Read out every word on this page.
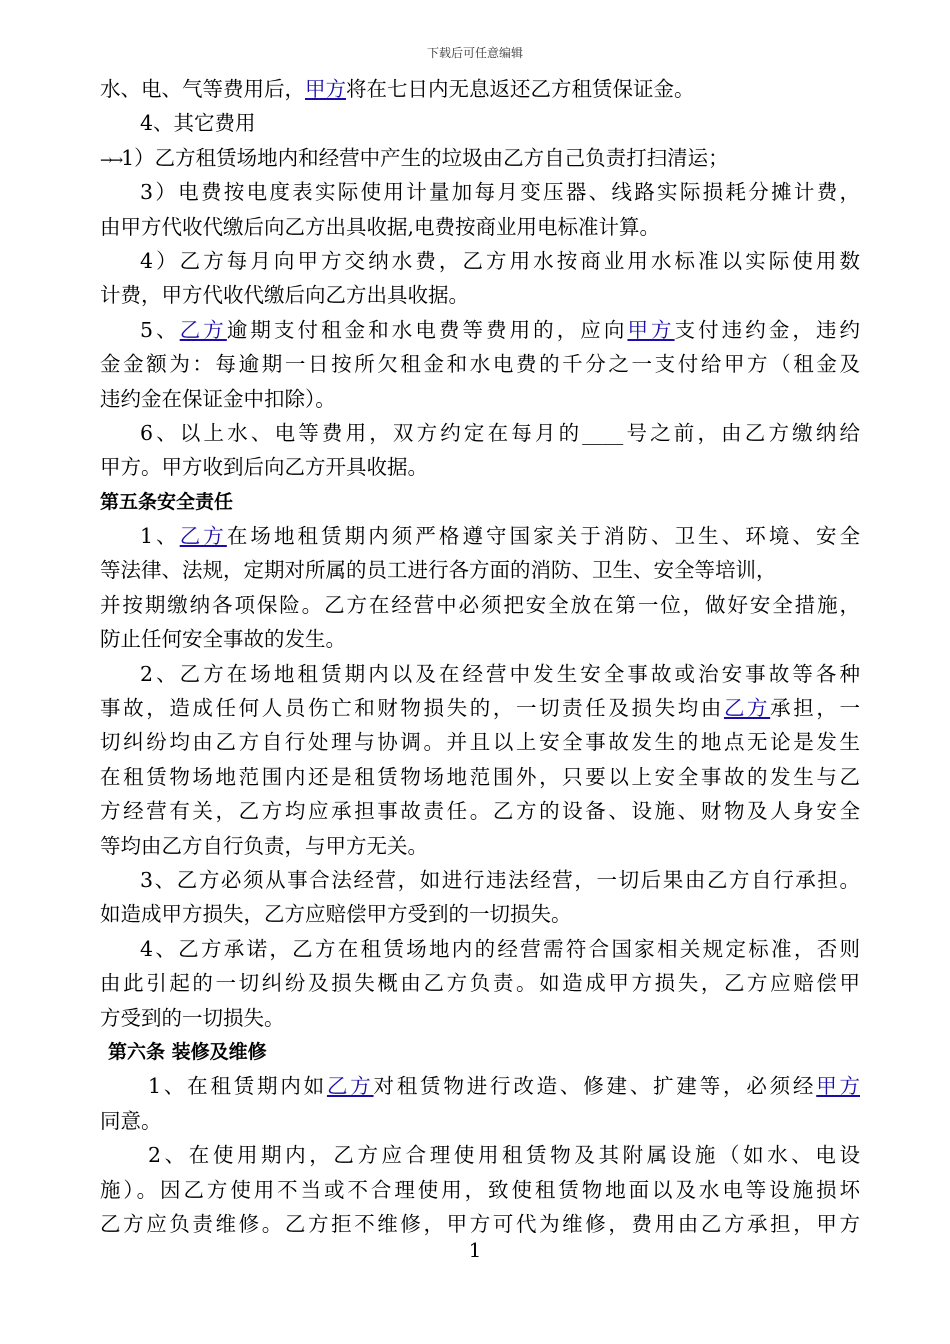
下载后可任意编辑
水、电、气等费用后，甲方将在七日内无息返还乙方租赁保证金。
4、其它费用
→→1）乙方租赁场地内和经营中产生的垃圾由乙方自己负责打扫清运；
3）电费按电度表实际使用计量加每月变压器、线路实际损耗分摊计费，
由甲方代收代缴后向乙方出具收据,电费按商业用电标准计算。
4）乙方每月向甲方交纳水费，乙方用水按商业用水标准以实际使用数
计费，甲方代收代缴后向乙方出具收据。
5、乙方逾期支付租金和水电费等费用的，应向甲方支付违约金，违约
金金额为：每逾期一日按所欠租金和水电费的千分之一支付给甲方（租金及
违约金在保证金中扣除）。
6、以上水、电等费用，双方约定在每月的____号之前，由乙方缴纳给
甲方。甲方收到后向乙方开具收据。
第五条安全责任
1、乙方在场地租赁期内须严格遵守国家关于消防、卫生、环境、安全
等法律、法规，定期对所属的员工进行各方面的消防、卫生、安全等培训，
并按期缴纳各项保险。乙方在经营中必须把安全放在第一位，做好安全措施，
防止任何安全事故的发生。
2、乙方在场地租赁期内以及在经营中发生安全事故或治安事故等各种
事故，造成任何人员伤亡和财物损失的，一切责任及损失均由乙方承担，一
切纠纷均由乙方自行处理与协调。并且以上安全事故发生的地点无论是发生
在租赁物场地范围内还是租赁物场地范围外，只要以上安全事故的发生与乙
方经营有关，乙方均应承担事故责任。乙方的设备、设施、财物及人身安全
等均由乙方自行负责，与甲方无关。
3、乙方必须从事合法经营，如进行违法经营，一切后果由乙方自行承担。
如造成甲方损失，乙方应赔偿甲方受到的一切损失。
4、乙方承诺，乙方在租赁场地内的经营需符合国家相关规定标准，否则
由此引起的一切纠纷及损失概由乙方负责。如造成甲方损失，乙方应赔偿甲
方受到的一切损失。
第六条 装修及维修
1、在租赁期内如乙方对租赁物进行改造、修建、扩建等，必须经甲方
同意。
2、在使用期内，乙方应合理使用租赁物及其附属设施（如水、电设
施）。因乙方使用不当或不合理使用，致使租赁物地面以及水电等设施损坏
乙方应负责维修。乙方拒不维修，甲方可代为维修，费用由乙方承担，甲方
1
